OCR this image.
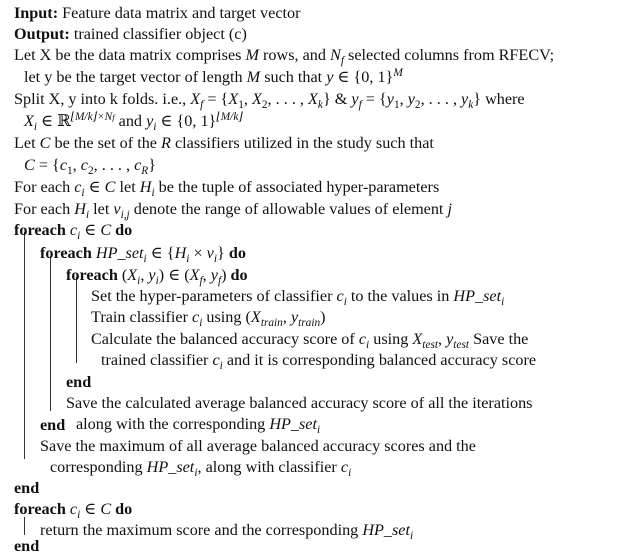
Input: Feature data matrix and target vector
Output: trained classifier object (c)
Let X be the data matrix comprises M rows, and $N_f$ selected columns from RFECV;
let y be the target vector of length M such that y ∈ {0, 1}$^M$
Split X, y into k folds. i.e., $X_f = \{X_1$, $X_2$, . . . , $X_k$} & $y_f = \{y_1$, $y_2$, . . . , $y_k$} where
$X_i$ ∈ ℝ$^{⌊M/k⌋\times Nf}$ and $y_i$ ∈ {0, 1}$^{⌊M/k⌋}$
Let C be the set of the R classifiers utilized in the study such that
$C = \{c_1$, $c_2$, . . . , $c_R$}
For each $c_i$ ∈ C let $H_i$ be the tuple of associated hyper-parameters
For each $H_i$ let $v_{i,j}$ denote the range of allowable values of element j
foreach $c_i$ ∈ C do
foreach HP_set$_i$ ∈ $\{H_i \times v_i\}$ do
foreach ($X_i$, $y_i$) ∈ ($X_f$, $y_f$) do
Set the hyper-parameters of classifier $c_i$ to the values in HP_set$_i$
Train classifier $c_i$ using ($X_{train}$, $y_{train}$)
Calculate the balanced accuracy score of $c_i$ using $X_{test}$, $y_{test}$ Save the
trained classifier $c_i$ and it is corresponding balanced accuracy score
end
Save the calculated average balanced accuracy score of all the iterations
along with the corresponding HP_set$_i$
end
Save the maximum of all average balanced accuracy scores and the
corresponding HP_set$_i$, along with classifier $c_i$
end
foreach $c_i$ ∈ C do
return the maximum score and the corresponding HP_set$_i$
end
